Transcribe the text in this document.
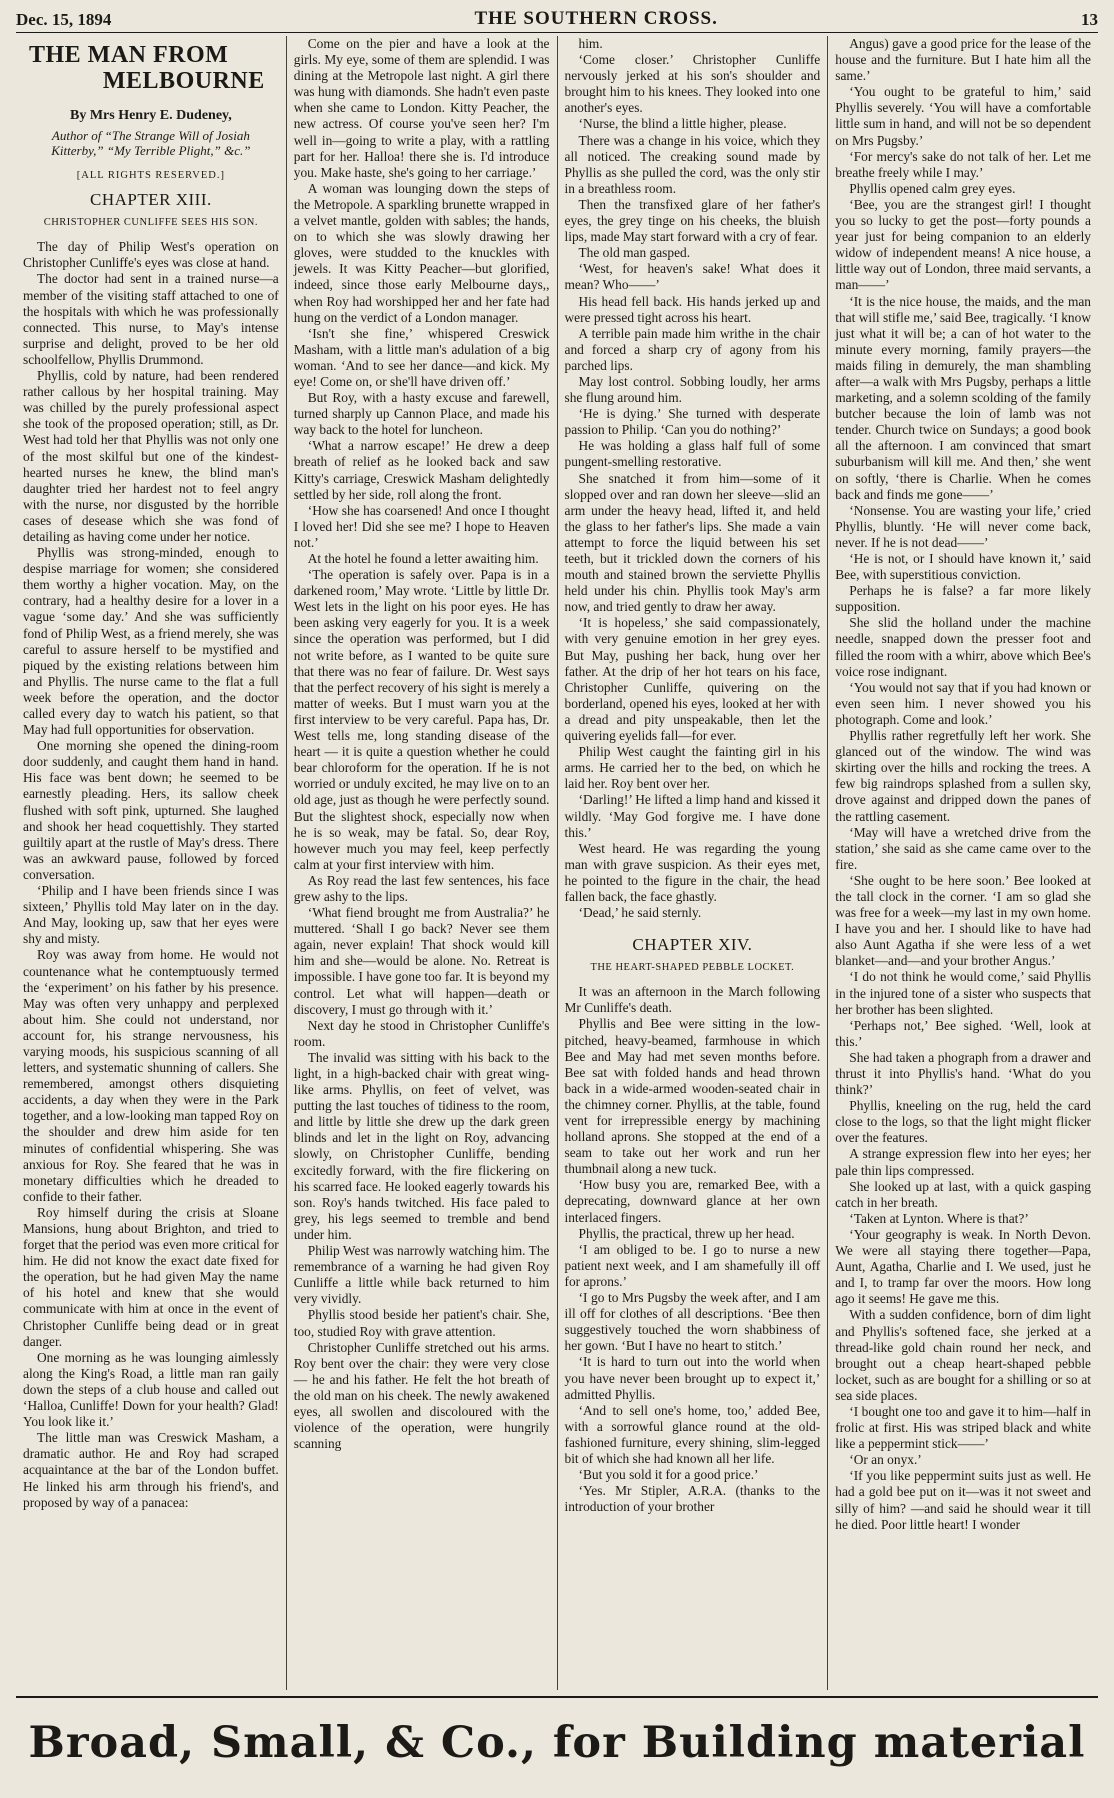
Dec. 15, 1894	THE SOUTHERN CROSS.	13
THE MAN FROM
MELBOURNE
By Mrs Henry E. Dudeney,
Author of “The Strange Will of Josiah Kitterby,” “My Terrible Plight,” &c.”
[ALL RIGHTS RESERVED.]
CHAPTER XIII.
CHRISTOPHER CUNLIFFE SEES HIS SON.

The day of Philip West's operation on Christopher Cunliffe's eyes was close at hand.

The doctor had sent in a trained nurse—a member of the visiting staff attached to one of the hospitals with which he was professionally connected. This nurse, to May's intense surprise and delight, proved to be her old schoolfellow, Phyllis Drummond.

Phyllis, cold by nature, had been rendered rather callous by her hospital training. May was chilled by the purely professional aspect she took of the proposed operation; still, as Dr. West had told her that Phyllis was not only one of the most skilful but one of the kindest-hearted nurses he knew, the blind man's daughter tried her hardest not to feel angry with the nurse, nor disgusted by the horrible cases of desease which she was fond of detailing as having come under her notice.

Phyllis was strong-minded, enough to despise marriage for women; she considered them worthy a higher vocation. May, on the contrary, had a healthy desire for a lover in a vague ‘some day.’ And she was sufficiently fond of Philip West, as a friend merely, she was careful to assure herself to be mystified and piqued by the existing relations between him and Phyllis. The nurse came to the flat a full week before the operation, and the doctor called every day to watch his patient, so that May had full opportunities for observation.

One morning she opened the dining-room door suddenly, and caught them hand in hand. His face was bent down; he seemed to be earnestly pleading. Hers, its sallow cheek flushed with soft pink, upturned. She laughed and shook her head coquettishly. They started guiltily apart at the rustle of May's dress. There was an awkward pause, followed by forced conversation.

‘Philip and I have been friends since I was sixteen,’ Phyllis told May later on in the day. And May, looking up, saw that her eyes were shy and misty.

Roy was away from home. He would not countenance what he contemptuously termed the ‘experiment’ on his father by his presence. May was often very unhappy and perplexed about him. She could not understand, nor account for, his strange nervousness, his varying moods, his suspicious scanning of all letters, and systematic shunning of callers. She remembered, amongst others disquieting accidents, a day when they were in the Park together, and a low-looking man tapped Roy on the shoulder and drew him aside for ten minutes of confidential whispering. She was anxious for Roy. She feared that he was in monetary difficulties which he dreaded to confide to their father.

Roy himself during the crisis at Sloane Mansions, hung about Brighton, and tried to forget that the period was even more critical for him. He did not know the exact date fixed for the operation, but he had given May the name of his hotel and knew that she would communicate with him at once in the event of Christopher Cunliffe being dead or in great danger.

One morning as he was lounging aimlessly along the King's Road, a little man ran gaily down the steps of a club house and called out ‘Halloa, Cunliffe! Down for your health? Glad! You look like it.’

The little man was Creswick Masham, a dramatic author. He and Roy had scraped acquaintance at the bar of the London buffet. He linked his arm through his friend's, and proposed by way of a panacea:

Come on the pier and have a look at the girls. My eye, some of them are splendid. I was dining at the Metropole last night. A girl there was hung with diamonds. She hadn't even paste when she came to London. Kitty Peacher, the new actress. Of course you've seen her? I'm well in—going to write a play, with a rattling part for her. Halloa! there she is. I'd introduce you. Make haste, she's going to her carriage.’

A woman was lounging down the steps of the Metropole. A sparkling brunette wrapped in a velvet mantle, golden with sables; the hands, on to which she was slowly drawing her gloves, were studded to the knuckles with jewels. It was Kitty Peacher—but glorified, indeed, since those early Melbourne days,, when Roy had worshipped her and her fate had hung on the verdict of a London manager.

‘Isn't she fine,’ whispered Creswick Masham, with a little man's adulation of a big woman. ‘And to see her dance—and kick. My eye! Come on, or she'll have driven off.’

But Roy, with a hasty excuse and farewell, turned sharply up Cannon Place, and made his way back to the hotel for luncheon.

‘What a narrow escape!’ He drew a deep breath of relief as he looked back and saw Kitty's carriage, Creswick Masham delightedly settled by her side, roll along the front.

‘How she has coarsened! And once I thought I loved her! Did she see me? I hope to Heaven not.’

At the hotel he found a letter awaiting him.

‘The operation is safely over. Papa is in a darkened room,’ May wrote. ‘Little by little Dr. West lets in the light on his poor eyes. He has been asking very eagerly for you. It is a week since the operation was performed, but I did not write before, as I wanted to be quite sure that there was no fear of failure. Dr. West says that the perfect recovery of his sight is merely a matter of weeks. But I must warn you at the first interview to be very careful. Papa has, Dr. West tells me, long standing disease of the heart — it is quite a question whether he could bear chloroform for the operation. If he is not worried or unduly excited, he may live on to an old age, just as though he were perfectly sound. But the slightest shock, especially now when he is so weak, may be fatal. So, dear Roy, however much you may feel, keep perfectly calm at your first interview with him.

As Roy read the last few sentences, his face grew ashy to the lips.

‘What fiend brought me from Australia?’ he muttered. ‘Shall I go back? Never see them again, never explain! That shock would kill him and she—would be alone. No. Retreat is impossible. I have gone too far. It is beyond my control. Let what will happen—death or discovery, I must go through with it.’

Next day he stood in Christopher Cunliffe's room.

The invalid was sitting with his back to the light, in a high-backed chair with great wing-like arms. Phyllis, on feet of velvet, was putting the last touches of tidiness to the room, and little by little she drew up the dark green blinds and let in the light on Roy, advancing slowly, on Christopher Cunliffe, bending excitedly forward, with the fire flickering on his scarred face. He looked eagerly towards his son. Roy's hands twitched. His face paled to grey, his legs seemed to tremble and bend under him.

Philip West was narrowly watching him. The remembrance of a warning he had given Roy Cunliffe a little while back returned to him very vividly.

Phyllis stood beside her patient's chair. She, too, studied Roy with grave attention.

Christopher Cunliffe stretched out his arms. Roy bent over the chair: they were very close — he and his father. He felt the hot breath of the old man on his cheek. The newly awakened eyes, all swollen and discoloured with the violence of the operation, were hungrily scanning

him.

‘Come closer.’ Christopher Cunliffe nervously jerked at his son's shoulder and brought him to his knees. They looked into one another's eyes.

‘Nurse, the blind a little higher, please.

There was a change in his voice, which they all noticed. The creaking sound made by Phyllis as she pulled the cord, was the only stir in a breathless room.

Then the transfixed glare of her father's eyes, the grey tinge on his cheeks, the bluish lips, made May start forward with a cry of fear.

The old man gasped.

‘West, for heaven's sake! What does it mean? Who——’

His head fell back. His hands jerked up and were pressed tight across his heart.

A terrible pain made him writhe in the chair and forced a sharp cry of agony from his parched lips.

May lost control. Sobbing loudly, her arms she flung around him.

‘He is dying.’ She turned with desperate passion to Philip. ‘Can you do nothing?’

He was holding a glass half full of some pungent-smelling restorative.

She snatched it from him—some of it slopped over and ran down her sleeve—slid an arm under the heavy head, lifted it, and held the glass to her father's lips. She made a vain attempt to force the liquid between his set teeth, but it trickled down the corners of his mouth and stained brown the serviette Phyllis held under his chin. Phyllis took May's arm now, and tried gently to draw her away.

‘It is hopeless,’ she said compassionately, with very genuine emotion in her grey eyes. But May, pushing her back, hung over her father. At the drip of her hot tears on his face, Christopher Cunliffe, quivering on the borderland, opened his eyes, looked at her with a dread and pity unspeakable, then let the quivering eyelids fall—for ever.

Philip West caught the fainting girl in his arms. He carried her to the bed, on which he laid her. Roy bent over her.

‘Darling!’ He lifted a limp hand and kissed it wildly. ‘May God forgive me. I have done this.’

West heard. He was regarding the young man with grave suspicion. As their eyes met, he pointed to the figure in the chair, the head fallen back, the face ghastly.

‘Dead,’ he said sternly.

CHAPTER XIV.
THE HEART-SHAPED PEBBLE LOCKET.

It was an afternoon in the March following Mr Cunliffe's death.

Phyllis and Bee were sitting in the low-pitched, heavy-beamed, farmhouse in which Bee and May had met seven months before. Bee sat with folded hands and head thrown back in a wide-armed wooden-seated chair in the chimney corner. Phyllis, at the table, found vent for irrepressible energy by machining holland aprons. She stopped at the end of a seam to take out her work and run her thumbnail along a new tuck.

‘How busy you are, remarked Bee, with a deprecating, downward glance at her own interlaced fingers.

Phyllis, the practical, threw up her head.

‘I am obliged to be. I go to nurse a new patient next week, and I am shamefully ill off for aprons.’

‘I go to Mrs Pugsby the week after, and I am ill off for clothes of all descriptions. ‘Bee then suggestively touched the worn shabbiness of her gown. ‘But I have no heart to stitch.’

‘It is hard to turn out into the world when you have never been brought up to expect it,’ admitted Phyllis.

‘And to sell one's home, too,’ added Bee, with a sorrowful glance round at the old-fashioned furniture, every shining, slim-legged bit of which she had known all her life.

‘But you sold it for a good price.’

‘Yes. Mr Stipler, A.R.A. (thanks to the introduction of your brother

Angus) gave a good price for the lease of the house and the furniture. But I hate him all the same.’

‘You ought to be grateful to him,’ said Phyllis severely. ‘You will have a comfortable little sum in hand, and will not be so dependent on Mrs Pugsby.’

‘For mercy's sake do not talk of her. Let me breathe freely while I may.’

Phyllis opened calm grey eyes.

‘Bee, you are the strangest girl! I thought you so lucky to get the post—forty pounds a year just for being companion to an elderly widow of independent means! A nice house, a little way out of London, three maid servants, a man——’

‘It is the nice house, the maids, and the man that will stifle me,’ said Bee, tragically. ‘I know just what it will be; a can of hot water to the minute every morning, family prayers—the maids filing in demurely, the man shambling after—a walk with Mrs Pugsby, perhaps a little marketing, and a solemn scolding of the family butcher because the loin of lamb was not tender. Church twice on Sundays; a good book all the afternoon. I am convinced that smart suburbanism will kill me. And then,’ she went on softly, ‘there is Charlie. When he comes back and finds me gone——’

‘Nonsense. You are wasting your life,’ cried Phyllis, bluntly. ‘He will never come back, never. If he is not dead——’

‘He is not, or I should have known it,’ said Bee, with superstitious conviction.

Perhaps he is false? a far more likely supposition.

She slid the holland under the machine needle, snapped down the presser foot and filled the room with a whirr, above which Bee's voice rose indignant.

‘You would not say that if you had known or even seen him. I never showed you his photograph. Come and look.’

Phyllis rather regretfully left her work. She glanced out of the window. The wind was skirting over the hills and rocking the trees. A few big raindrops splashed from a sullen sky, drove against and dripped down the panes of the rattling casement.

‘May will have a wretched drive from the station,’ she said as she came came over to the fire.

‘She ought to be here soon.’ Bee looked at the tall clock in the corner. ‘I am so glad she was free for a week—my last in my own home. I have you and her. I should like to have had also Aunt Agatha if she were less of a wet blanket—and—and your brother Angus.’

‘I do not think he would come,’ said Phyllis in the injured tone of a sister who suspects that her brother has been slighted.

‘Perhaps not,’ Bee sighed. ‘Well, look at this.’

She had taken a phograph from a drawer and thrust it into Phyllis's hand. ‘What do you think?’

Phyllis, kneeling on the rug, held the card close to the logs, so that the light might flicker over the features.

A strange expression flew into her eyes; her pale thin lips compressed.

She looked up at last, with a quick gasping catch in her breath.

‘Taken at Lynton. Where is that?’

‘Your geography is weak. In North Devon. We were all staying there together—Papa, Aunt, Agatha, Charlie and I. We used, just he and I, to tramp far over the moors. How long ago it seems! He gave me this.

With a sudden confidence, born of dim light and Phyllis's softened face, she jerked at a thread-like gold chain round her neck, and brought out a cheap heart-shaped pebble locket, such as are bought for a shilling or so at sea side places.

‘I bought one too and gave it to him—half in frolic at first. His was striped black and white like a peppermint stick——’

‘Or an onyx.’

‘If you like peppermint suits just as well. He had a gold bee put on it—was it not sweet and silly of him? —and said he should wear it till he died. Poor little heart! I wonder

Broad, Small, & Co., for Building material
